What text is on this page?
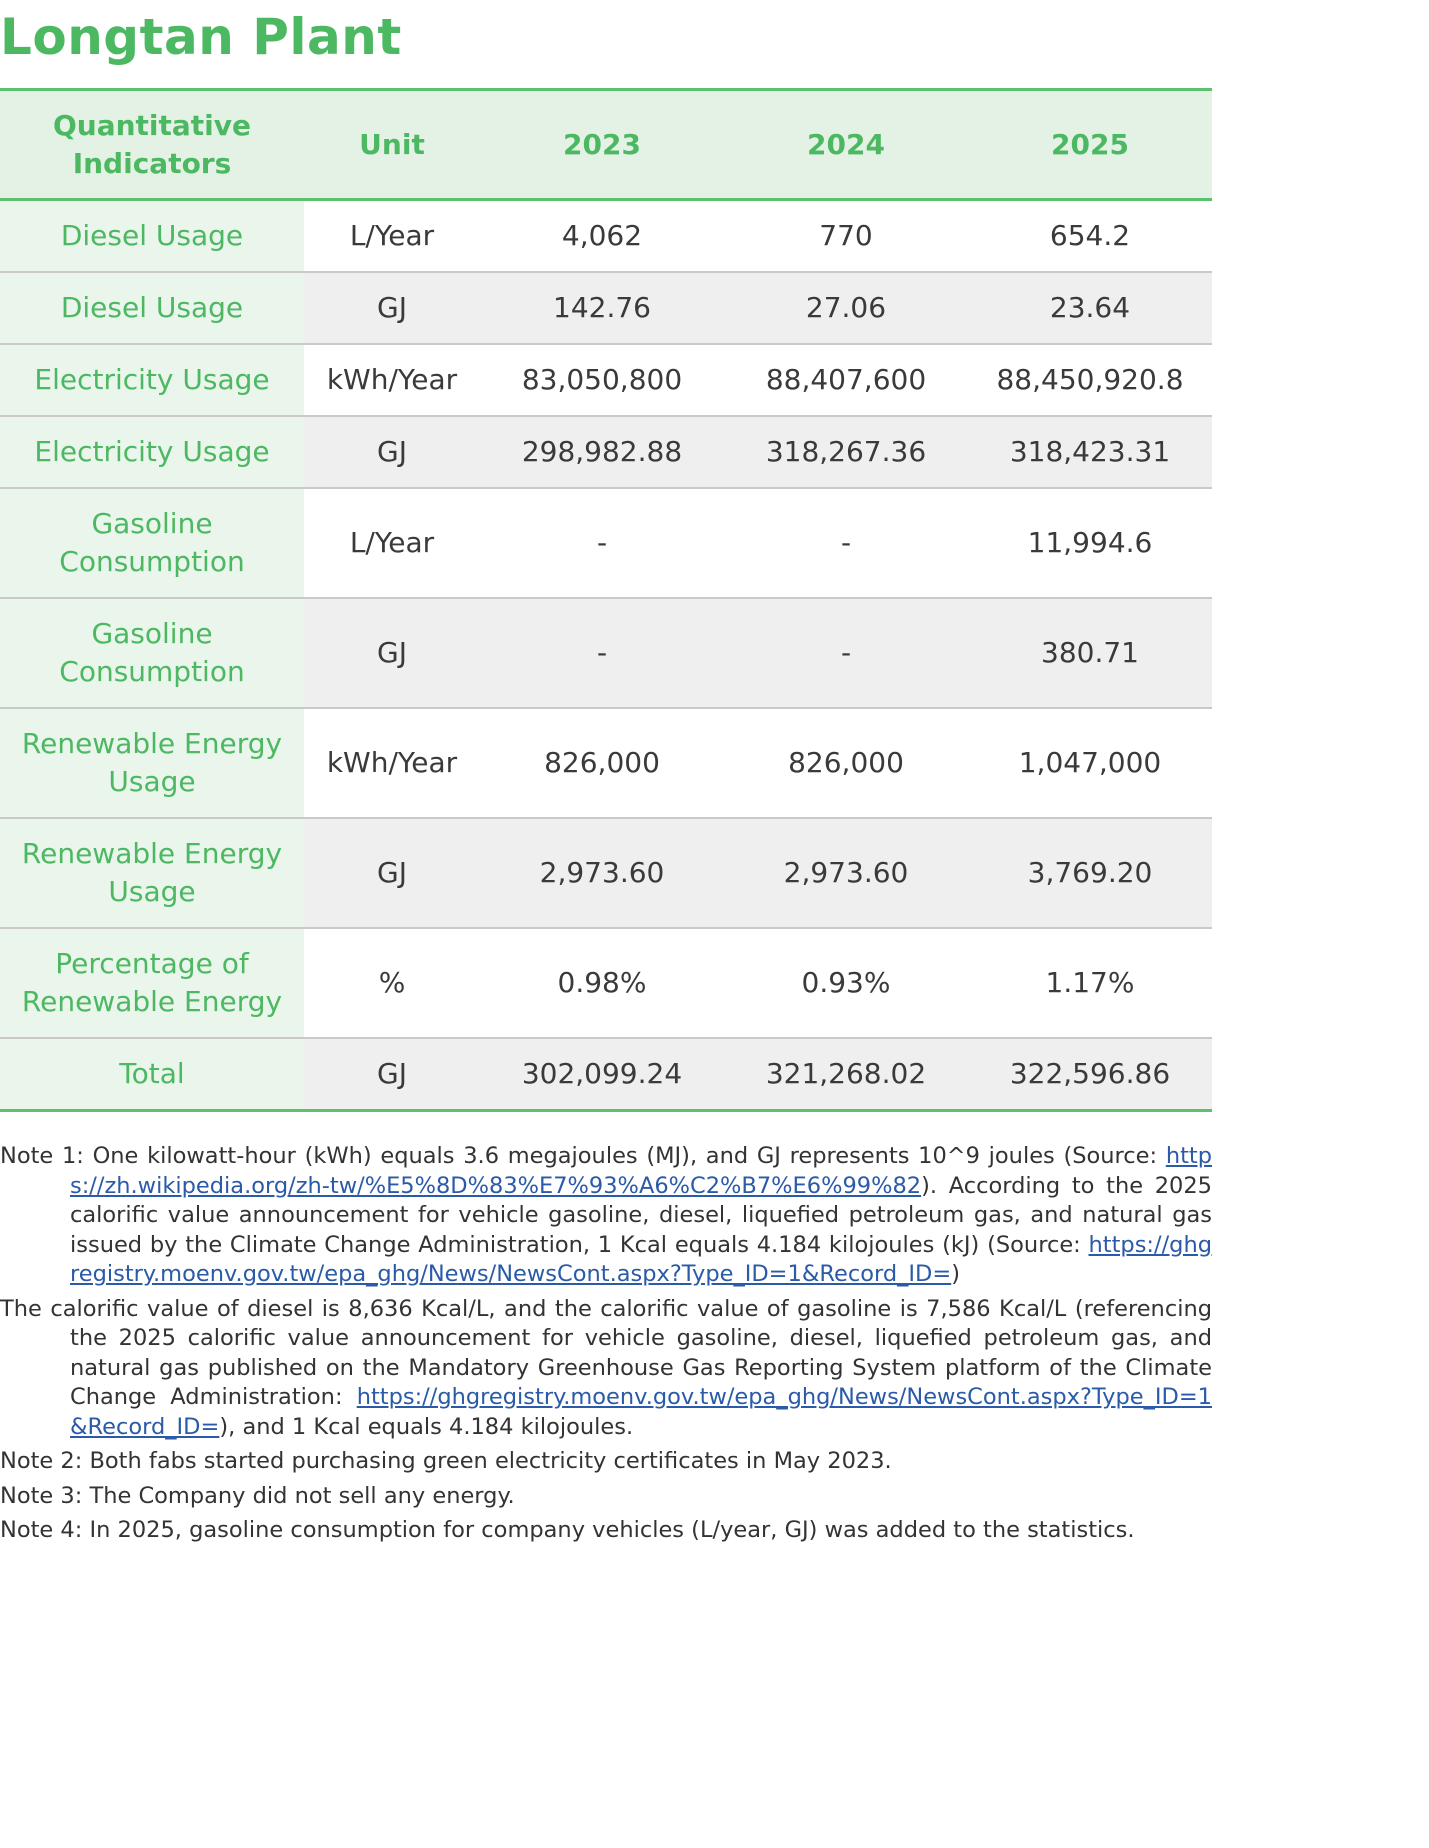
Longtan Plant
Quantitative Indicators	Unit	2023	2024	2025
Diesel Usage	L/Year	4,062	770	654.2
Diesel Usage	GJ	142.76	27.06	23.64
Electricity Usage	kWh/Year	83,050,800	88,407,600	88,450,920.8
Electricity Usage	GJ	298,982.88	318,267.36	318,423.31
Gasoline Consumption	L/Year	-	-	11,994.6
Gasoline Consumption	GJ	-	-	380.71
Renewable Energy Usage	kWh/Year	826,000	826,000	1,047,000
Renewable Energy Usage	GJ	2,973.60	2,973.60	3,769.20
Percentage of Renewable Energy	%	0.98%	0.93%	1.17%
Total	GJ	302,099.24	321,268.02	322,596.86
Note 1: One kilowatt-hour (kWh) equals 3.6 megajoules (MJ), and GJ represents 10^9 joules (Source: https://zh.wikipedia.org/zh-tw/%E5%8D%83%E7%93%A6%C2%B7%E6%99%82). According to the 2025 calorific value announcement for vehicle gasoline, diesel, liquefied petroleum gas, and natural gas issued by the Climate Change Administration, 1 Kcal equals 4.184 kilojoules (kJ) (Source: https://ghgregistry.moenv.gov.tw/epa_ghg/News/NewsCont.aspx?Type_ID=1&Record_ID=)
The calorific value of diesel is 8,636 Kcal/L, and the calorific value of gasoline is 7,586 Kcal/L (referencing the 2025 calorific value announcement for vehicle gasoline, diesel, liquefied petroleum gas, and natural gas published on the Mandatory Greenhouse Gas Reporting System platform of the Climate Change Administration: https://ghgregistry.moenv.gov.tw/epa_ghg/News/NewsCont.aspx?Type_ID=1&Record_ID=), and 1 Kcal equals 4.184 kilojoules.
Note 2: Both fabs started purchasing green electricity certificates in May 2023.
Note 3: The Company did not sell any energy.
Note 4: In 2025, gasoline consumption for company vehicles (L/year, GJ) was added to the statistics.
